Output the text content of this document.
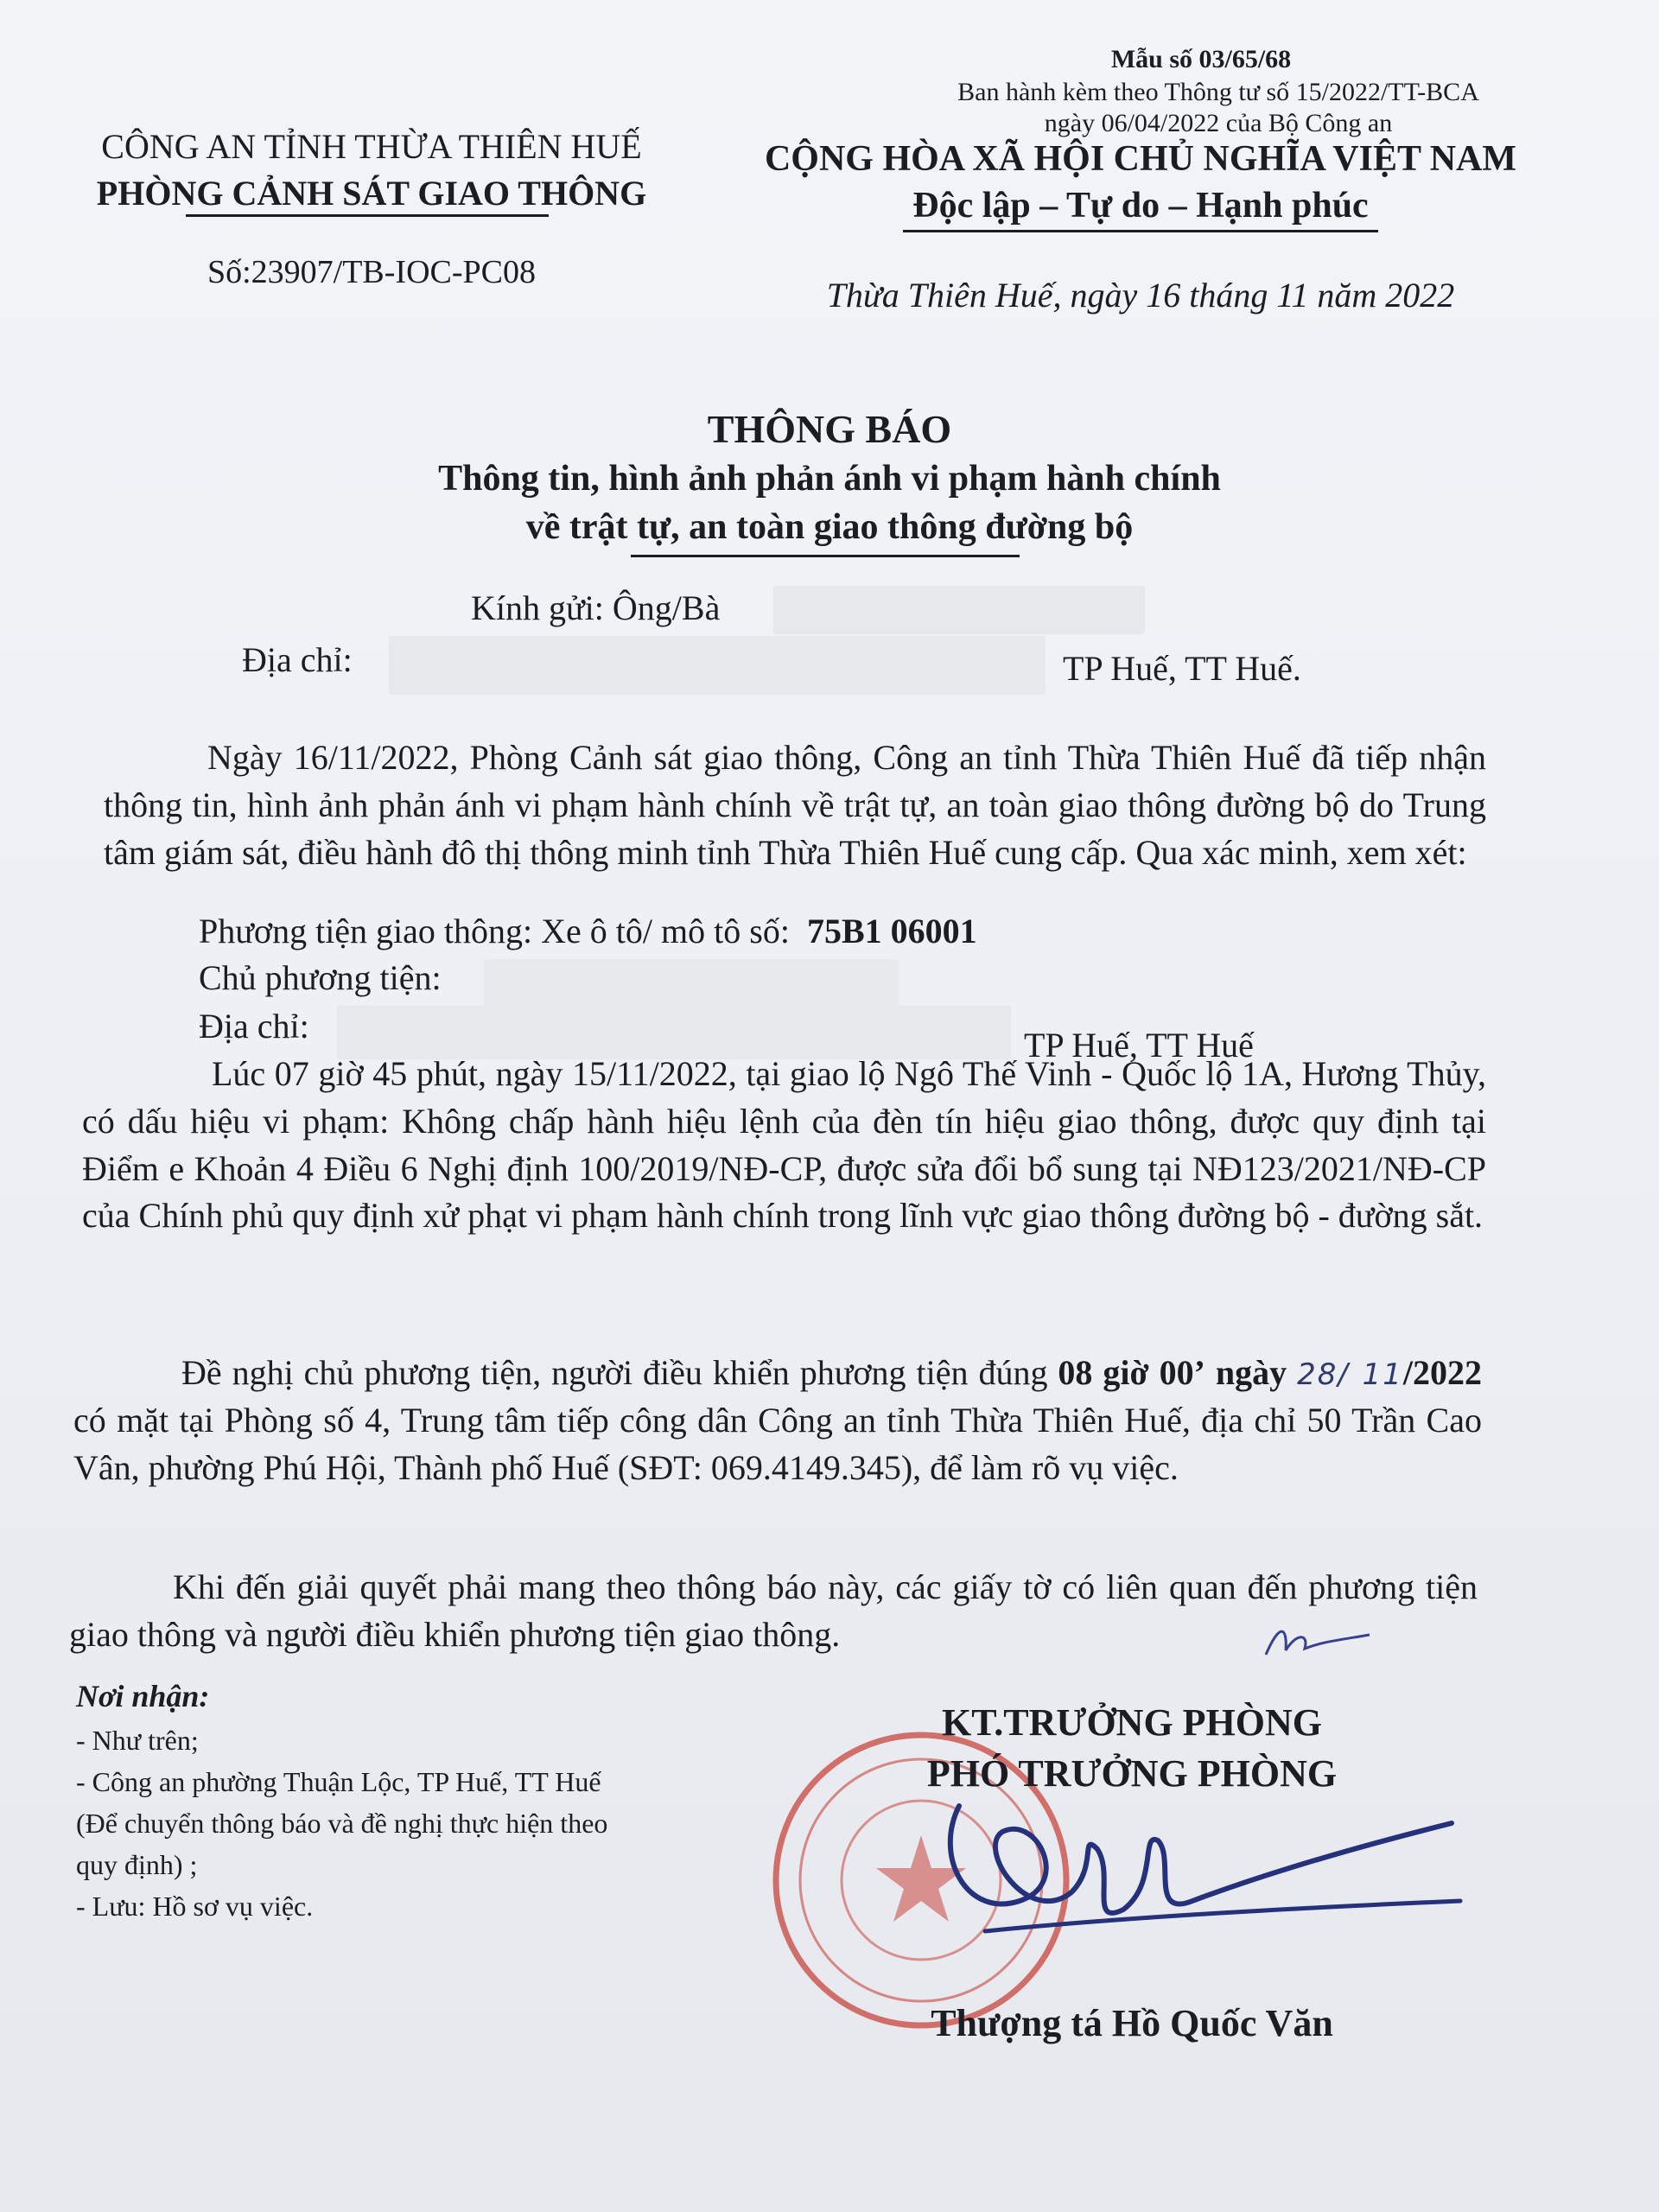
Mẫu số 03/65/68
Ban hành kèm theo Thông tư số 15/2022/TT-BCA
ngày 06/04/2022 của Bộ Công an
CÔNG AN TỈNH THỪA THIÊN HUẾ
PHÒNG CẢNH SÁT GIAO THÔNG
Số:23907/TB-IOC-PC08
CỘNG HÒA XÃ HỘI CHỦ NGHĨA VIỆT NAM
Độc lập – Tự do – Hạnh phúc
Thừa Thiên Huế, ngày 16 tháng 11 năm 2022
THÔNG BÁO
Thông tin, hình ảnh phản ánh vi phạm hành chính
về trật tự, an toàn giao thông đường bộ
Kính gửi: Ông/Bà
Địa chỉ:	TP Huế, TT Huế.

Ngày 16/11/2022, Phòng Cảnh sát giao thông, Công an tỉnh Thừa Thiên Huế đã tiếp nhận thông tin, hình ảnh phản ánh vi phạm hành chính về trật tự, an toàn giao thông đường bộ do Trung tâm giám sát, điều hành đô thị thông minh tỉnh Thừa Thiên Huế cung cấp. Qua xác minh, xem xét:

Phương tiện giao thông: Xe ô tô/ mô tô số: 75B1 06001
Chủ phương tiện:
Địa chỉ:	TP Huế, TT Huế

Lúc 07 giờ 45 phút, ngày 15/11/2022, tại giao lộ Ngô Thế Vinh - Quốc lộ 1A, Hương Thủy, có dấu hiệu vi phạm: Không chấp hành hiệu lệnh của đèn tín hiệu giao thông, được quy định tại Điểm e Khoản 4 Điều 6 Nghị định 100/2019/NĐ-CP, được sửa đổi bổ sung tại NĐ123/2021/NĐ-CP của Chính phủ quy định xử phạt vi phạm hành chính trong lĩnh vực giao thông đường bộ - đường sắt.

Đề nghị chủ phương tiện, người điều khiển phương tiện đúng 08 giờ 00’ ngày 28/ 11/2022 có mặt tại Phòng số 4, Trung tâm tiếp công dân Công an tỉnh Thừa Thiên Huế, địa chỉ 50 Trần Cao Vân, phường Phú Hội, Thành phố Huế (SĐT: 069.4149.345), để làm rõ vụ việc.

Khi đến giải quyết phải mang theo thông báo này, các giấy tờ có liên quan đến phương tiện giao thông và người điều khiển phương tiện giao thông.

Nơi nhận:
- Như trên;
- Công an phường Thuận Lộc, TP Huế, TT Huế
(Để chuyển thông báo và đề nghị thực hiện theo
quy định) ;
- Lưu: Hồ sơ vụ việc.
KT.TRƯỞNG PHÒNG
PHÓ TRƯỞNG PHÒNG
Thượng tá Hồ Quốc Văn
